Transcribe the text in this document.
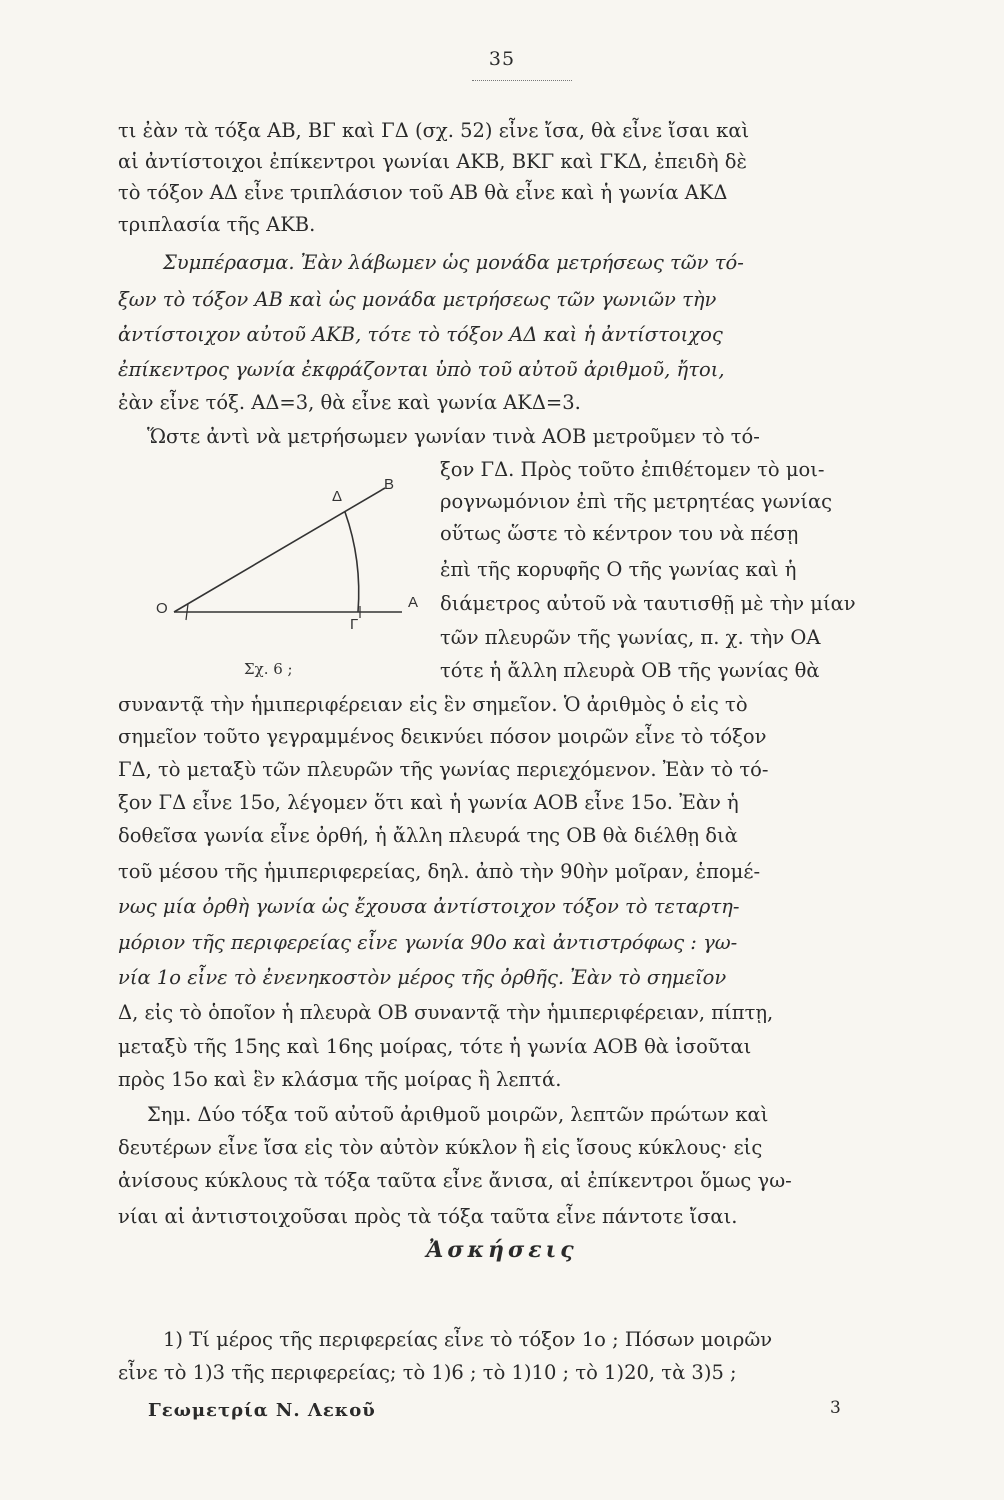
35
τι ἐὰν τὰ τόξα ΑΒ, ΒΓ καὶ ΓΔ (σχ. 52) εἶνε ἴσα, θὰ εἶνε ἴσαι καὶ
αἱ ἀντίστοιχοι ἐπίκεντροι γωνίαι ΑΚΒ, ΒΚΓ καὶ ΓΚΔ, ἐπειδὴ δὲ
τὸ τόξον ΑΔ εἶνε τριπλάσιον τοῦ ΑΒ θὰ εἶνε καὶ ἡ γωνία ΑΚΔ
τριπλασία τῆς ΑΚΒ.
Συμπέρασμα. Ἐὰν λάβωμεν ὡς μονάδα μετρήσεως τῶν τό-
ξων τὸ τόξον ΑΒ καὶ ὡς μονάδα μετρήσεως τῶν γωνιῶν τὴν
ἀντίστοιχον αὐτοῦ ΑΚΒ, τότε τὸ τόξον ΑΔ καὶ ἡ ἀντίστοιχος
ἐπίκεντρος γωνία ἐκφράζονται ὑπὸ τοῦ αὐτοῦ ἀριθμοῦ, ἤτοι,
ἐὰν εἶνε τόξ. ΑΔ=3, θὰ εἶνε καὶ γωνία ΑΚΔ=3.
Ὥστε ἀντὶ νὰ μετρήσωμεν γωνίαν τινὰ ΑΟΒ μετροῦμεν τὸ τό-
ξον ΓΔ. Πρὸς τοῦτο ἐπιθέτομεν τὸ μοι-
ρογνωμόνιον ἐπὶ τῆς μετρητέας γωνίας
οὕτως ὥστε τὸ κέντρον του νὰ πέσῃ
ἐπὶ τῆς κορυφῆς Ο τῆς γωνίας καὶ ἡ
διάμετρος αὐτοῦ νὰ ταυτισθῇ μὲ τὴν μίαν
τῶν πλευρῶν τῆς γωνίας, π. χ. τὴν ΟΑ
τότε ἡ ἄλλη πλευρὰ ΟΒ τῆς γωνίας θὰ
O	A
B
Γ
Δ
Σχ. 6 ;
συναντᾷ τὴν ἡμιπεριφέρειαν εἰς ἓν σημεῖον. Ὁ ἀριθμὸς ὁ εἰς τὸ
σημεῖον τοῦτο γεγραμμένος δεικνύει πόσον μοιρῶν εἶνε τὸ τόξον
ΓΔ, τὸ μεταξὺ τῶν πλευρῶν τῆς γωνίας περιεχόμενον. Ἐὰν τὸ τό-
ξον ΓΔ εἶνε 15ο, λέγομεν ὅτι καὶ ἡ γωνία ΑΟΒ εἶνε 15ο. Ἐὰν ἡ
δοθεῖσα γωνία εἶνε ὀρθή, ἡ ἄλλη πλευρά της ΟΒ θὰ διέλθῃ διὰ
τοῦ μέσου τῆς ἡμιπεριφερείας, δηλ. ἀπὸ τὴν 90ὴν μοῖραν, ἑπομέ-
νως μία ὀρθὴ γωνία ὡς ἔχουσα ἀντίστοιχον τόξον τὸ τεταρτη-
μόριον τῆς περιφερείας εἶνε γωνία 90ο καὶ ἀντιστρόφως : γω-
νία 1ο εἶνε τὸ ἐνενηκοστὸν μέρος τῆς ὀρθῆς. Ἐὰν τὸ σημεῖον
Δ, εἰς τὸ ὁποῖον ἡ πλευρὰ ΟΒ συναντᾷ τὴν ἡμιπεριφέρειαν, πίπτῃ,
μεταξὺ τῆς 15ης καὶ 16ης μοίρας, τότε ἡ γωνία ΑΟΒ θὰ ἰσοῦται
πρὸς 15ο καὶ ἓν κλάσμα τῆς μοίρας ἢ λεπτά.
Σημ. Δύο τόξα τοῦ αὐτοῦ ἀριθμοῦ μοιρῶν, λεπτῶν πρώτων καὶ
δευτέρων εἶνε ἴσα εἰς τὸν αὐτὸν κύκλον ἢ εἰς ἴσους κύκλους· εἰς
ἀνίσους κύκλους τὰ τόξα ταῦτα εἶνε ἄνισα, αἱ ἐπίκεντροι ὅμως γω-
νίαι αἱ ἀντιστοιχοῦσαι πρὸς τὰ τόξα ταῦτα εἶνε πάντοτε ἴσαι.
Ἀσκήσεις
1) Τί μέρος τῆς περιφερείας εἶνε τὸ τόξον 1ο ; Πόσων μοιρῶν
εἶνε τὸ 1)3 τῆς περιφερείας; τὸ 1)6 ; τὸ 1)10 ; τὸ 1)20, τὰ 3)5 ;
Γεωμετρία Ν. Λεκοῦ	3
